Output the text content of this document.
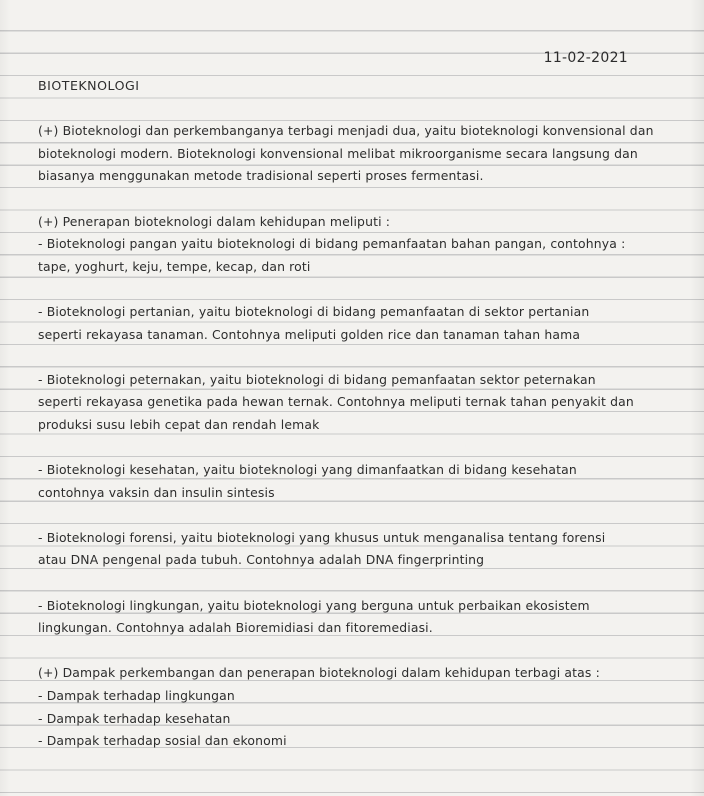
11-02-2021
BIOTEKNOLOGI
(+) Bioteknologi dan perkembanganya terbagi menjadi dua, yaitu bioteknologi konvensional dan
bioteknologi modern. Bioteknologi konvensional melibat mikroorganisme secara langsung dan
biasanya menggunakan metode tradisional seperti proses fermentasi.
(+) Penerapan bioteknologi dalam kehidupan meliputi :
- Bioteknologi pangan yaitu bioteknologi di bidang pemanfaatan bahan pangan, contohnya :
tape, yoghurt, keju, tempe, kecap, dan roti
- Bioteknologi pertanian, yaitu bioteknologi di bidang pemanfaatan di sektor pertanian
seperti rekayasa tanaman. Contohnya meliputi golden rice dan tanaman tahan hama
- Bioteknologi peternakan, yaitu bioteknologi di bidang pemanfaatan sektor peternakan
seperti rekayasa genetika pada hewan ternak. Contohnya meliputi ternak tahan penyakit dan
produksi susu lebih cepat dan rendah lemak
- Bioteknologi kesehatan, yaitu bioteknologi yang dimanfaatkan di bidang kesehatan
contohnya vaksin dan insulin sintesis
- Bioteknologi forensi, yaitu bioteknologi yang khusus untuk menganalisa tentang forensi
atau DNA pengenal pada tubuh. Contohnya adalah DNA fingerprinting
- Bioteknologi lingkungan, yaitu bioteknologi yang berguna untuk perbaikan ekosistem
lingkungan. Contohnya adalah Bioremidiasi dan fitoremediasi.
(+) Dampak perkembangan dan penerapan bioteknologi dalam kehidupan terbagi atas :
- Dampak terhadap lingkungan
- Dampak terhadap kesehatan
- Dampak terhadap sosial dan ekonomi
